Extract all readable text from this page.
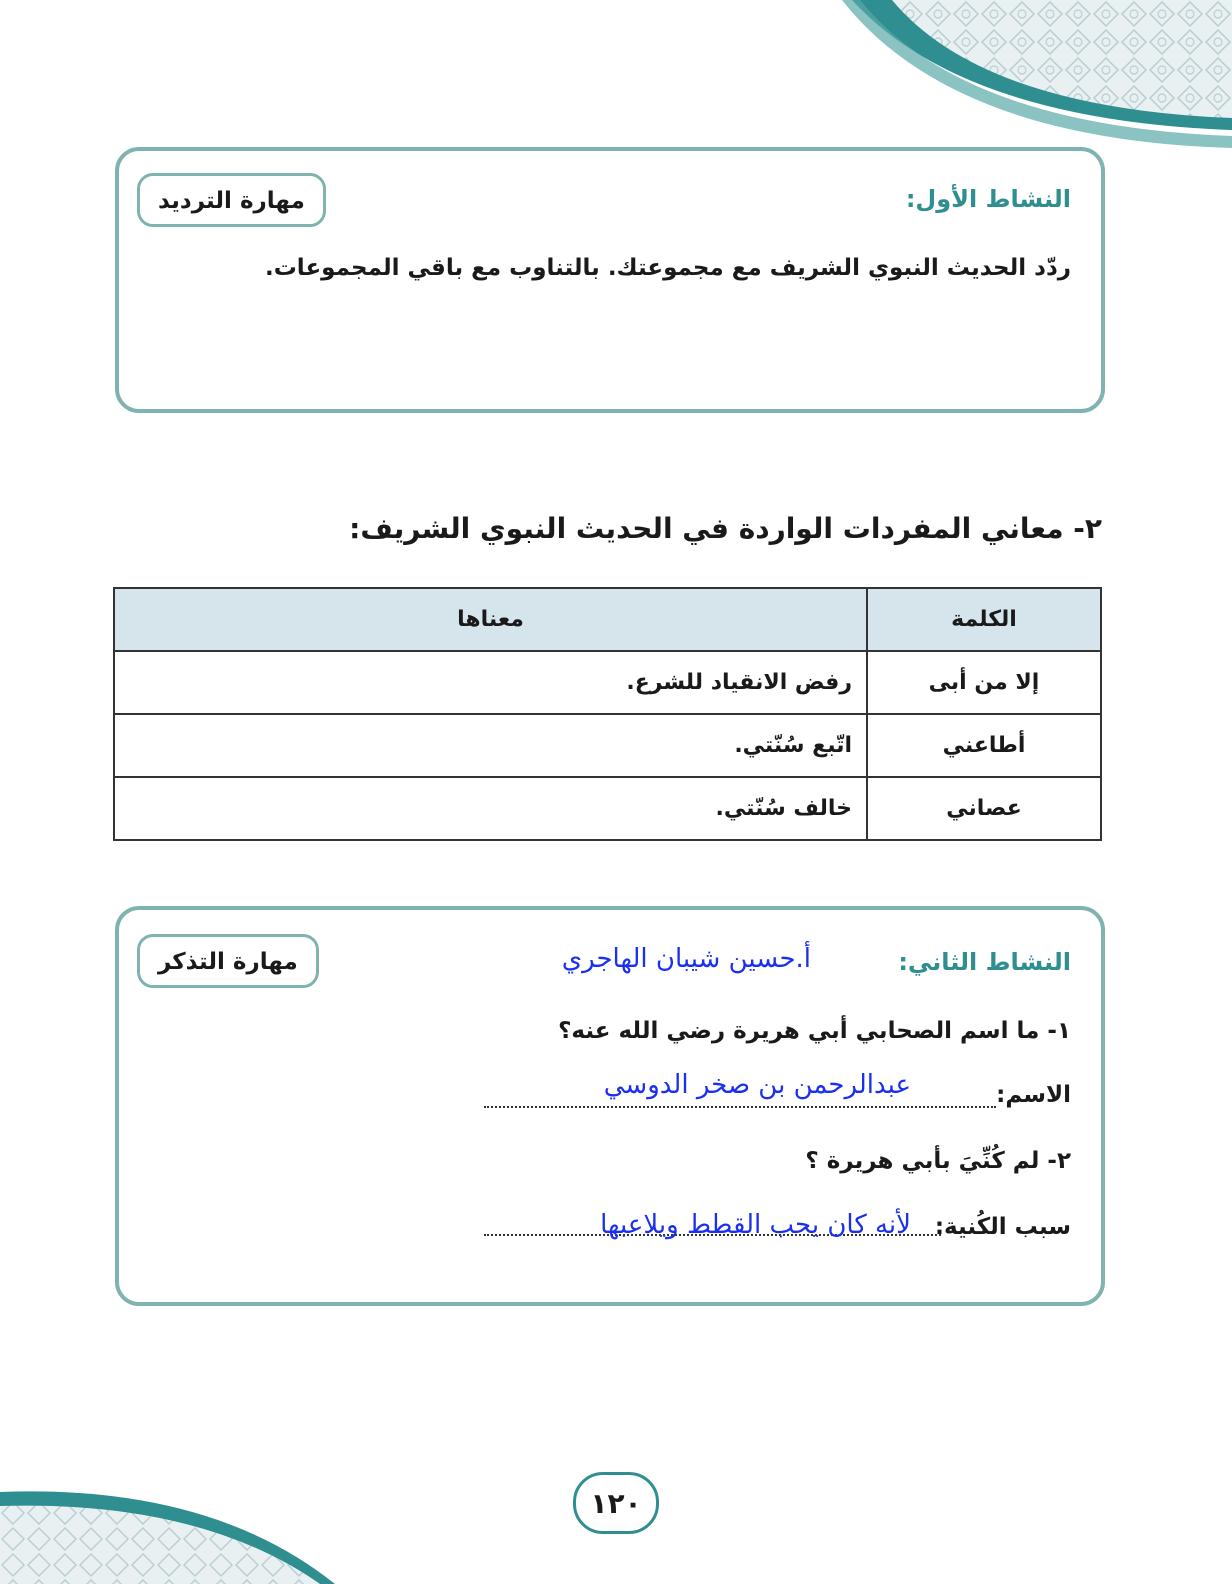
النشاط الأول:
مهارة الترديد
ردّد الحديث النبوي الشريف مع مجموعتك. بالتناوب مع باقي المجموعات.
٢- معاني المفردات الواردة في الحديث النبوي الشريف:
الكلمة	معناها
إلا من أبى	رفض الانقياد للشرع.
أطاعني	اتّبع سُنّتي.
عصاني	خالف سُنّتي.
النشاط الثاني:
أ.حسين شيبان الهاجري
مهارة التذكر
١- ما اسم الصحابي أبي هريرة رضي الله عنه؟
الاسم:
عبدالرحمن بن صخر الدوسي
٢- لم كُنِّيَ بأبي هريرة ؟
سبب الكُنية:
لأنه كان يحب القطط ويلاعبها
١٢٠
